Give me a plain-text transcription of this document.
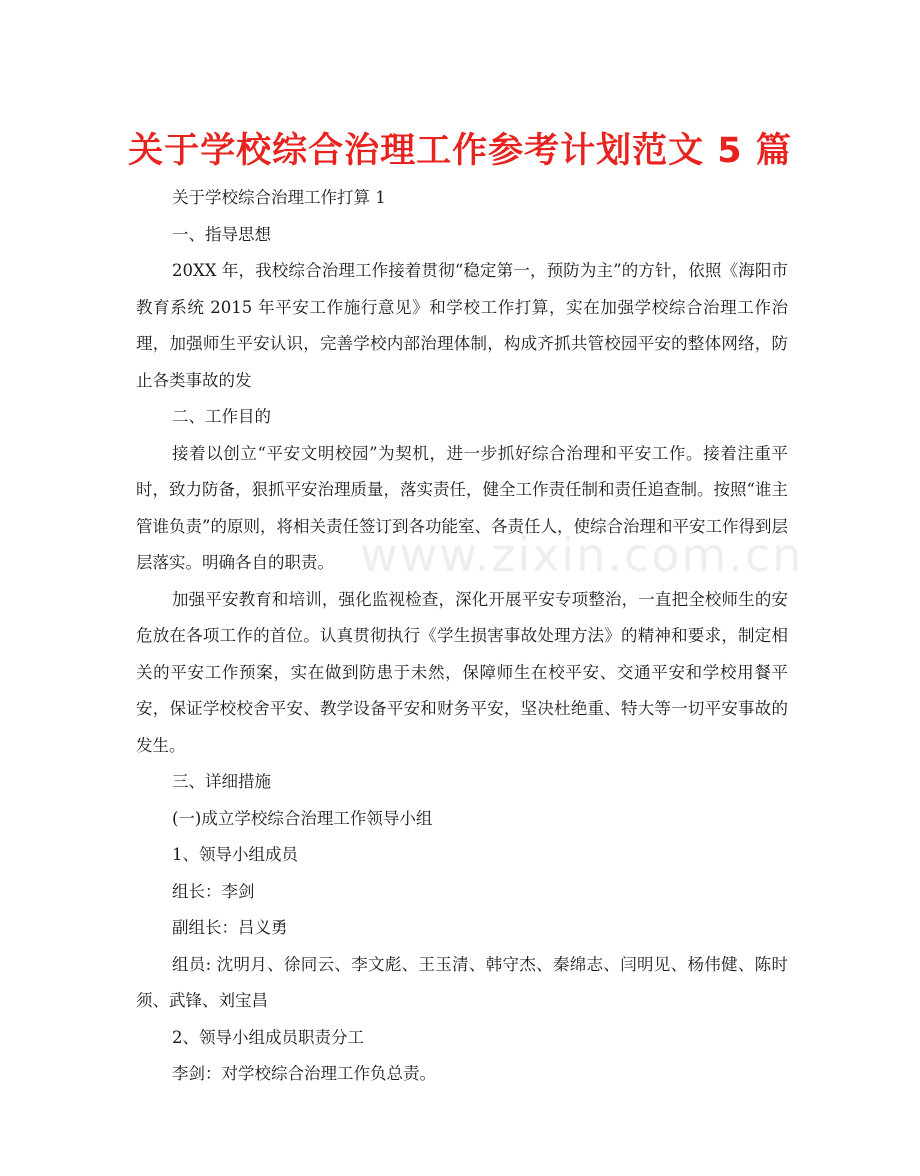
关于学校综合治理工作参考计划范文 5 篇
www.zixin.com.cn

关于学校综合治理工作打算 1

一、指导思想

20XX 年，我校综合治理工作接着贯彻“稳定第一，预防为主”的方针，依照《海阳市教育系统 2015 年平安工作施行意见》和学校工作打算，实在加强学校综合治理工作治理，加强师生平安认识，完善学校内部治理体制，构成齐抓共管校园平安的整体网络，防止各类事故的发

二、工作目的

接着以创立“平安文明校园”为契机，进一步抓好综合治理和平安工作。接着注重平时，致力防备，狠抓平安治理质量，落实责任，健全工作责任制和责任追查制。按照“谁主管谁负责”的原则，将相关责任签订到各功能室、各责任人，使综合治理和平安工作得到层层落实。明确各自的职责。

加强平安教育和培训，强化监视检查，深化开展平安专项整治，一直把全校师生的安危放在各项工作的首位。认真贯彻执行《学生损害事故处理方法》的精神和要求，制定相关的平安工作预案，实在做到防患于未然，保障师生在校平安、交通平安和学校用餐平安，保证学校校舍平安、教学设备平安和财务平安，坚决杜绝重、特大等一切平安事故的发生。

三、详细措施

(一)成立学校综合治理工作领导小组

1、领导小组成员

组长：李剑

副组长：吕义勇

组员: 沈明月、徐同云、李文彪、王玉清、韩守杰、秦绵志、闫明见、杨伟健、陈时须、武锋、刘宝昌

2、领导小组成员职责分工

李剑：对学校综合治理工作负总责。
